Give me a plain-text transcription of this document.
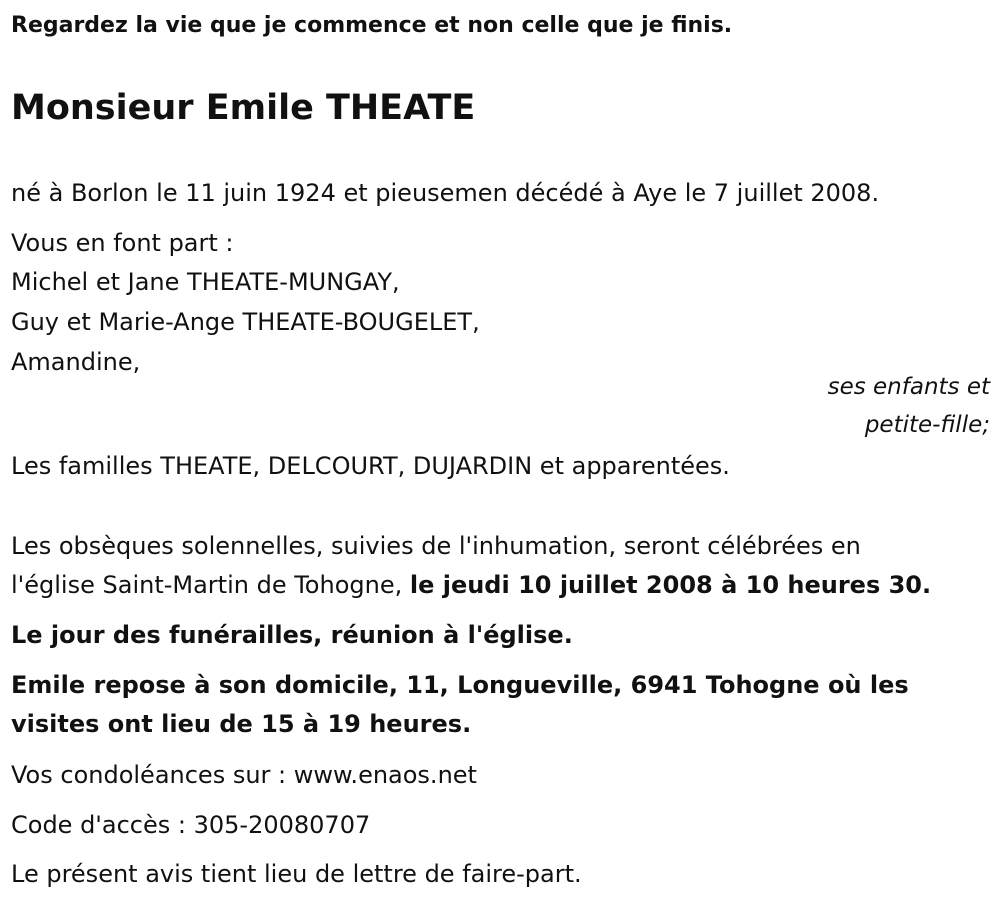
Regardez la vie que je commence et non celle que je finis.
Monsieur Emile THEATE
né à Borlon le 11 juin 1924 et pieusemen décédé à Aye le 7 juillet 2008.
Vous en font part :
Michel et Jane THEATE-MUNGAY,
Guy et Marie-Ange THEATE-BOUGELET,
Amandine,
ses enfants et
petite-fille;
Les familles THEATE, DELCOURT, DUJARDIN et apparentées.
Les obsèques solennelles, suivies de l'inhumation, seront célébrées en
l'église Saint-Martin de Tohogne, le jeudi 10 juillet 2008 à 10 heures 30.
Le jour des funérailles, réunion à l'église.
Emile repose à son domicile, 11, Longueville, 6941 Tohogne où les
visites ont lieu de 15 à 19 heures.
Vos condoléances sur : www.enaos.net
Code d'accès : 305-20080707
Le présent avis tient lieu de lettre de faire-part.
